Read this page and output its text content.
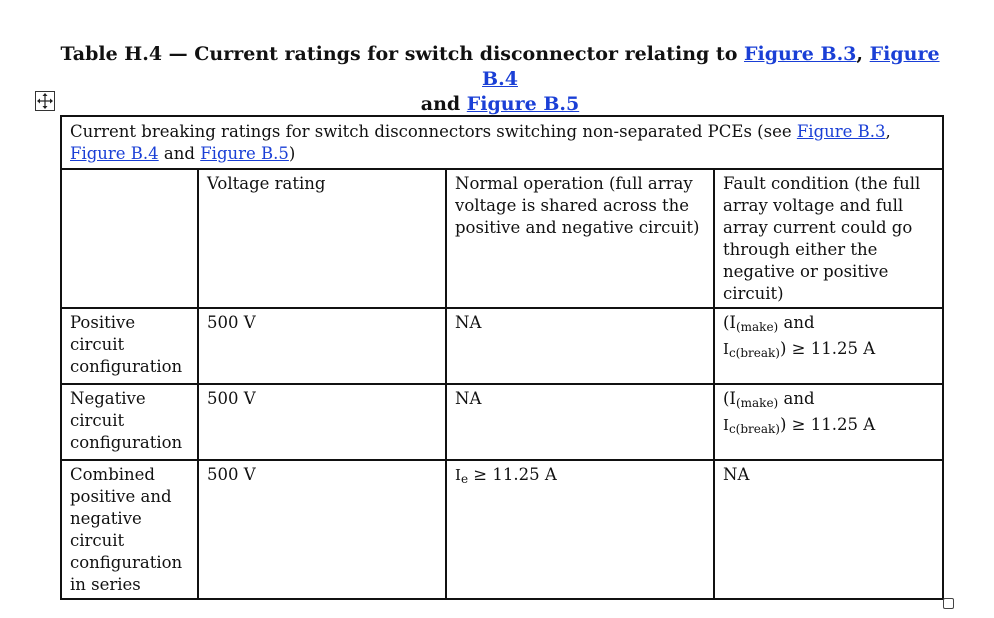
Table H.4 — Current ratings for switch disconnector relating to Figure B.3, Figure B.4
and Figure B.5
Current breaking ratings for switch disconnectors switching non-separated PCEs (see Figure B.3,
Figure B.4 and Figure B.5)			
	Voltage rating	Normal operation (full array voltage is shared across the positive and negative circuit)	Fault condition (the full array voltage and full array current could go through either the negative or positive circuit)
Positive circuit configuration	500 V	NA	($I_{(make)}$ and
$I_{c(break)}) \ge 11.25$ A
Negative circuit configuration	500 V	NA	($I_{(make)}$ and
$I_{c(break)}) \ge 11.25$ A
Combined positive and negative circuit configuration in series	500 V	$I_e \ge 11.25$ A	NA
